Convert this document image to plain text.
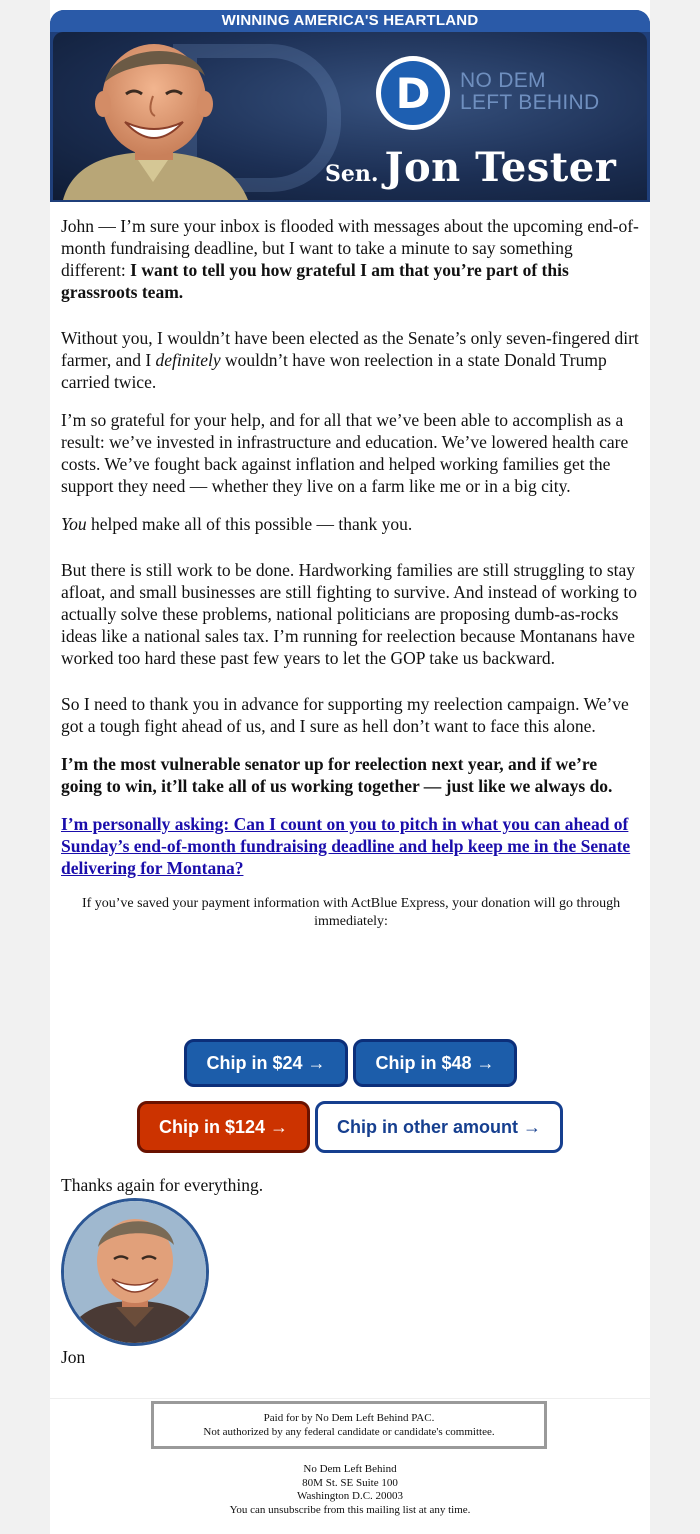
WINNING AMERICA'S HEARTLAND
D	NO DEM
LEFT BEHIND
Sen. Jon Tester

John — I’m sure your inbox is flooded with messages about the upcoming end-of-month fundraising deadline, but I want to take a minute to say something different: I want to tell you how grateful I am that you’re part of this grassroots team.

Without you, I wouldn’t have been elected as the Senate’s only seven-fingered dirt farmer, and I definitely wouldn’t have won reelection in a state Donald Trump carried twice.

I’m so grateful for your help, and for all that we’ve been able to accomplish as a result: we’ve invested in infrastructure and education. We’ve lowered health care costs. We’ve fought back against inflation and helped working families get the support they need — whether they live on a farm like me or in a big city.

You helped make all of this possible — thank you.

But there is still work to be done. Hardworking families are still struggling to stay afloat, and small businesses are still fighting to survive. And instead of working to actually solve these problems, national politicians are proposing dumb-as-rocks ideas like a national sales tax. I’m running for reelection because Montanans have worked too hard these past few years to let the GOP take us backward.

So I need to thank you in advance for supporting my reelection campaign. We’ve got a tough fight ahead of us, and I sure as hell don’t want to face this alone.

I’m the most vulnerable senator up for reelection next year, and if we’re going to win, it’ll take all of us working together — just like we always do.

I’m personally asking: Can I count on you to pitch in what you can ahead of Sunday’s end-of-month fundraising deadline and help keep me in the Senate delivering for Montana?

If you’ve saved your payment information with ActBlue Express, your donation will go through immediately:

Chip in $24 →	Chip in $48 →
Chip in $124 →	Chip in other amount →
Thanks again for everything.
Jon
Paid for by No Dem Left Behind PAC.
Not authorized by any federal candidate or candidate's committee.
No Dem Left Behind
80M St. SE Suite 100
Washington D.C. 20003
You can unsubscribe from this mailing list at any time.
